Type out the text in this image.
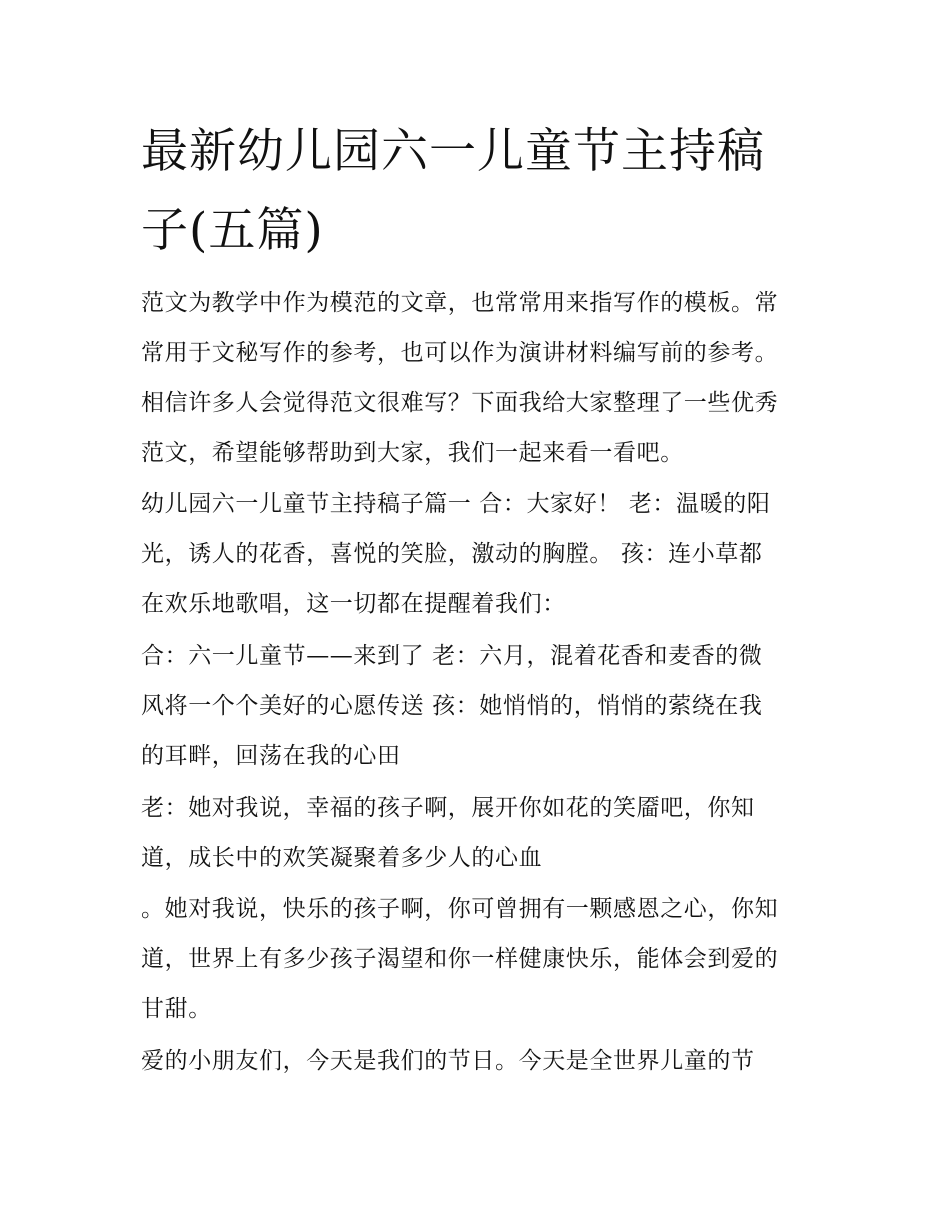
最新幼儿园六一儿童节主持稿
子(五篇)

范文为教学中作为模范的文章，也常常用来指写作的模板。常
常用于文秘写作的参考，也可以作为演讲材料编写前的参考。
相信许多人会觉得范文很难写？下面我给大家整理了一些优秀
范文，希望能够帮助到大家，我们一起来看一看吧。

幼儿园六一儿童节主持稿子篇一 合：大家好！ 老：温暖的阳
光，诱人的花香，喜悦的笑脸，激动的胸膛。 孩：连小草都
在欢乐地歌唱，这一切都在提醒着我们：

合：六一儿童节——来到了 老：六月，混着花香和麦香的微
风将一个个美好的心愿传送 孩：她悄悄的，悄悄的萦绕在我
的耳畔，回荡在我的心田

老：她对我说，幸福的孩子啊，展开你如花的笑靥吧，你知
道，成长中的欢笑凝聚着多少人的心血

。她对我说，快乐的孩子啊，你可曾拥有一颗感恩之心，你知
道，世界上有多少孩子渴望和你一样健康快乐，能体会到爱的
甘甜。

爱的小朋友们，今天是我们的节日。今天是全世界儿童的节
